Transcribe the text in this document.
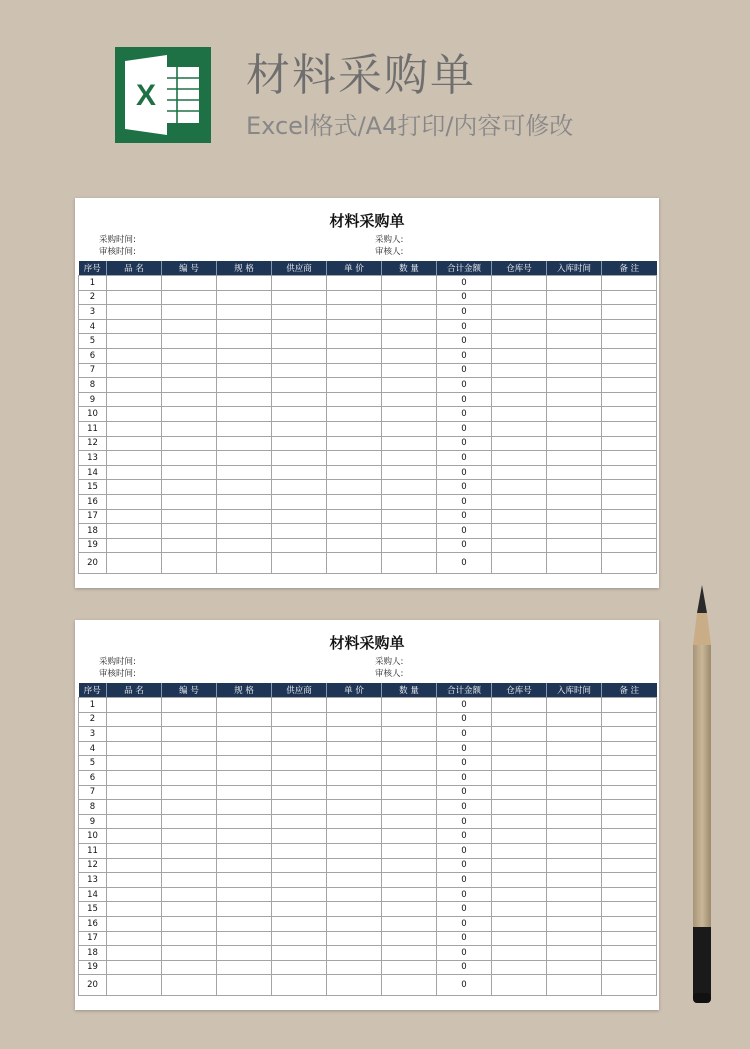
X 材料采购单
Excel格式/A4打印/内容可修改
材料采购单
采购时间:	采购人:
审核时间:	审核人:
序号	品 名	编 号	规 格	供应商	单 价	数 量	合计金额	仓库号	入库时间	备 注
1							0			
2							0			
3							0			
4							0			
5							0			
6							0			
7							0			
8							0			
9							0			
10							0			
11							0			
12							0			
13							0			
14							0			
15							0			
16							0			
17							0			
18							0			
19							0			
20							0			
材料采购单
采购时间:	采购人:
审核时间:	审核人:
序号	品 名	编 号	规 格	供应商	单 价	数 量	合计金额	仓库号	入库时间	备 注
1							0			
2							0			
3							0			
4							0			
5							0			
6							0			
7							0			
8							0			
9							0			
10							0			
11							0			
12							0			
13							0			
14							0			
15							0			
16							0			
17							0			
18							0			
19							0			
20							0			
